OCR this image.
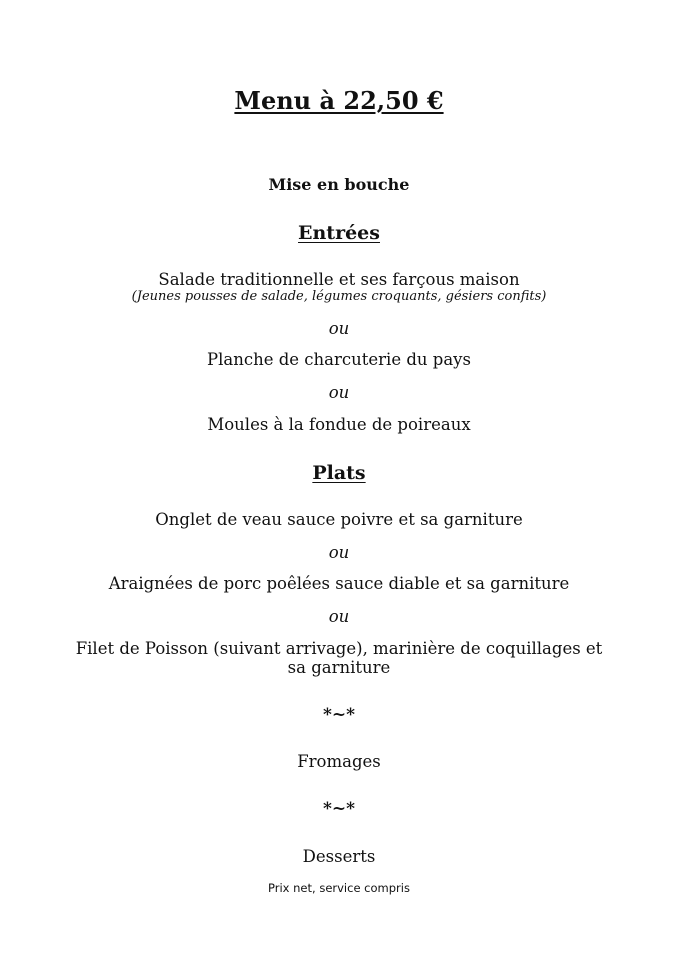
Menu à 22,50 €
Mise en bouche
Entrées
Salade traditionnelle et ses farçous maison
(Jeunes pousses de salade, légumes croquants, gésiers confits)
ou
Planche de charcuterie du pays
ou
Moules à la fondue de poireaux
Plats
Onglet de veau sauce poivre et sa garniture
ou
Araignées de porc poêlées sauce diable et sa garniture
ou
Filet de Poisson (suivant arrivage), marinière de coquillages et sa garniture
*~*
Fromages
*~*
Desserts
Prix net, service compris
